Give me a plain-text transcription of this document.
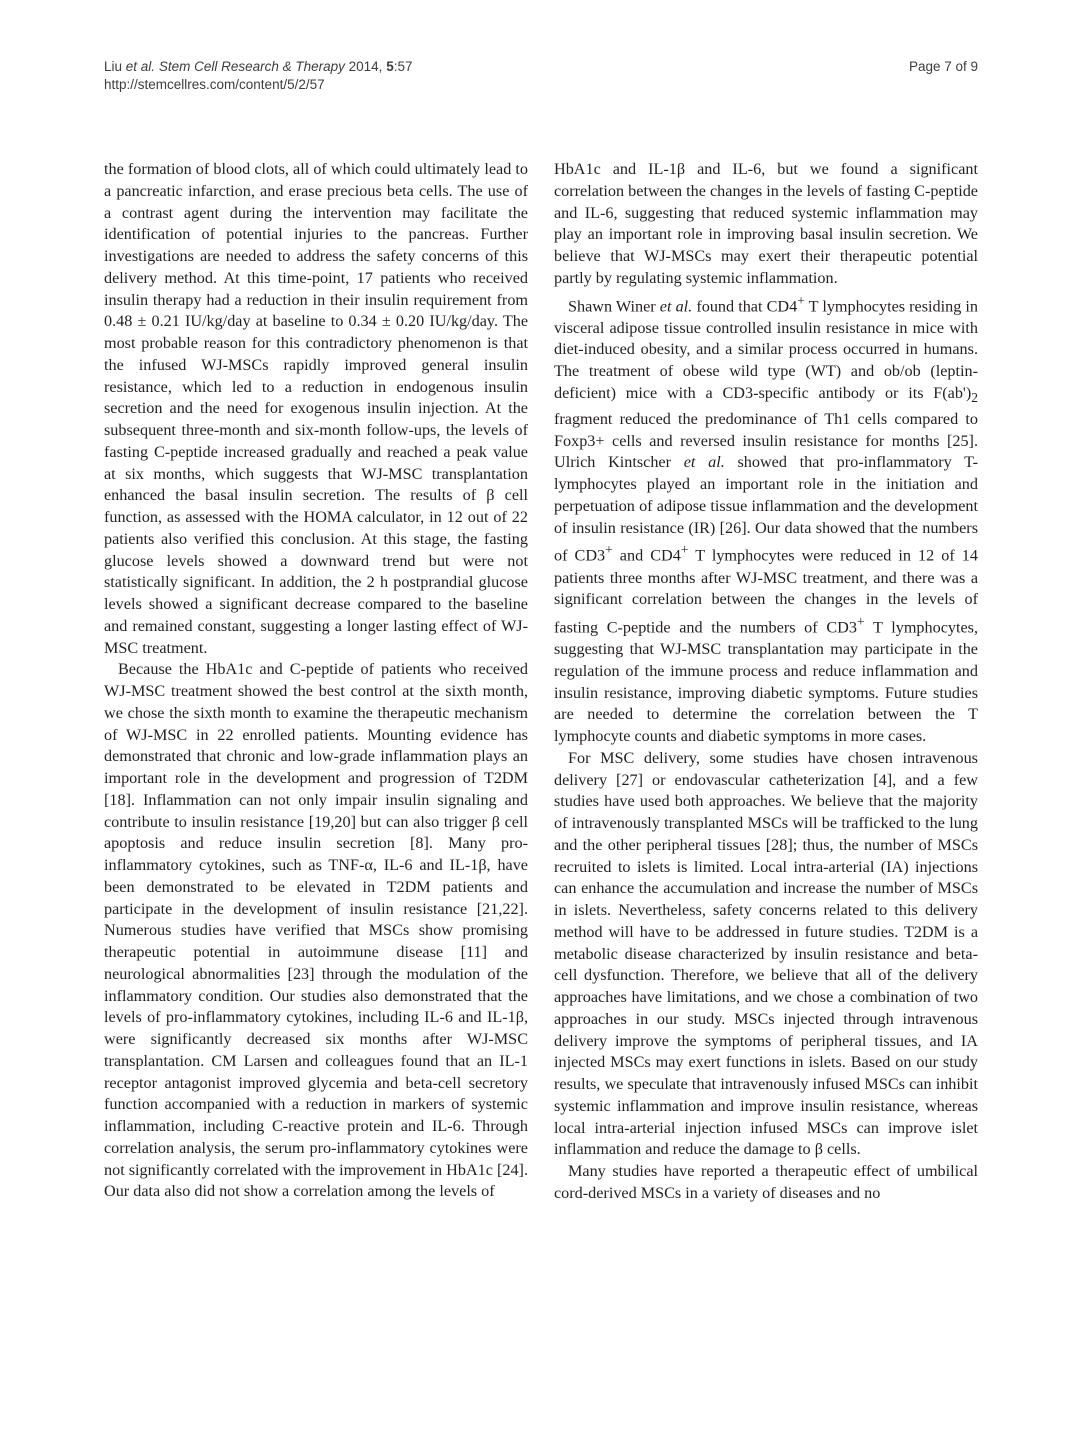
Liu et al. Stem Cell Research & Therapy 2014, 5:57
http://stemcellres.com/content/5/2/57
Page 7 of 9

the formation of blood clots, all of which could ultimately lead to a pancreatic infarction, and erase precious beta cells. The use of a contrast agent during the intervention may facilitate the identification of potential injuries to the pancreas. Further investigations are needed to address the safety concerns of this delivery method. At this time-point, 17 patients who received insulin therapy had a reduction in their insulin requirement from 0.48 ± 0.21 IU/kg/day at baseline to 0.34 ± 0.20 IU/kg/day. The most probable reason for this contradictory phenomenon is that the infused WJ-MSCs rapidly improved general insulin resistance, which led to a reduction in endogenous insulin secretion and the need for exogenous insulin injection. At the subsequent three-month and six-month follow-ups, the levels of fasting C-peptide increased gradually and reached a peak value at six months, which suggests that WJ-MSC transplantation enhanced the basal insulin secretion. The results of β cell function, as assessed with the HOMA calculator, in 12 out of 22 patients also verified this conclusion. At this stage, the fasting glucose levels showed a downward trend but were not statistically significant. In addition, the 2 h postprandial glucose levels showed a significant decrease compared to the baseline and remained constant, suggesting a longer lasting effect of WJ-MSC treatment.

Because the HbA1c and C-peptide of patients who received WJ-MSC treatment showed the best control at the sixth month, we chose the sixth month to examine the therapeutic mechanism of WJ-MSC in 22 enrolled patients. Mounting evidence has demonstrated that chronic and low-grade inflammation plays an important role in the development and progression of T2DM [18]. Inflammation can not only impair insulin signaling and contribute to insulin resistance [19,20] but can also trigger β cell apoptosis and reduce insulin secretion [8]. Many pro-inflammatory cytokines, such as TNF-α, IL-6 and IL-1β, have been demonstrated to be elevated in T2DM patients and participate in the development of insulin resistance [21,22]. Numerous studies have verified that MSCs show promising therapeutic potential in autoimmune disease [11] and neurological abnormalities [23] through the modulation of the inflammatory condition. Our studies also demonstrated that the levels of pro-inflammatory cytokines, including IL-6 and IL-1β, were significantly decreased six months after WJ-MSC transplantation. CM Larsen and colleagues found that an IL-1 receptor antagonist improved glycemia and beta-cell secretory function accompanied with a reduction in markers of systemic inflammation, including C-reactive protein and IL-6. Through correlation analysis, the serum pro-inflammatory cytokines were not significantly correlated with the improvement in HbA1c [24]. Our data also did not show a correlation among the levels of

HbA1c and IL-1β and IL-6, but we found a significant correlation between the changes in the levels of fasting C-peptide and IL-6, suggesting that reduced systemic inflammation may play an important role in improving basal insulin secretion. We believe that WJ-MSCs may exert their therapeutic potential partly by regulating systemic inflammation.

Shawn Winer et al. found that CD4+ T lymphocytes residing in visceral adipose tissue controlled insulin resistance in mice with diet-induced obesity, and a similar process occurred in humans. The treatment of obese wild type (WT) and ob/ob (leptin-deficient) mice with a CD3-specific antibody or its $F(ab')_2$ fragment reduced the predominance of Th1 cells compared to Foxp3+ cells and reversed insulin resistance for months [25]. Ulrich Kintscher et al. showed that pro-inflammatory T-lymphocytes played an important role in the initiation and perpetuation of adipose tissue inflammation and the development of insulin resistance (IR) [26]. Our data showed that the numbers of CD3+ and CD4+ T lymphocytes were reduced in 12 of 14 patients three months after WJ-MSC treatment, and there was a significant correlation between the changes in the levels of fasting C-peptide and the numbers of CD3+ T lymphocytes, suggesting that WJ-MSC transplantation may participate in the regulation of the immune process and reduce inflammation and insulin resistance, improving diabetic symptoms. Future studies are needed to determine the correlation between the T lymphocyte counts and diabetic symptoms in more cases.

For MSC delivery, some studies have chosen intravenous delivery [27] or endovascular catheterization [4], and a few studies have used both approaches. We believe that the majority of intravenously transplanted MSCs will be trafficked to the lung and the other peripheral tissues [28]; thus, the number of MSCs recruited to islets is limited. Local intra-arterial (IA) injections can enhance the accumulation and increase the number of MSCs in islets. Nevertheless, safety concerns related to this delivery method will have to be addressed in future studies. T2DM is a metabolic disease characterized by insulin resistance and beta-cell dysfunction. Therefore, we believe that all of the delivery approaches have limitations, and we chose a combination of two approaches in our study. MSCs injected through intravenous delivery improve the symptoms of peripheral tissues, and IA injected MSCs may exert functions in islets. Based on our study results, we speculate that intravenously infused MSCs can inhibit systemic inflammation and improve insulin resistance, whereas local intra-arterial injection infused MSCs can improve islet inflammation and reduce the damage to β cells.

Many studies have reported a therapeutic effect of umbilical cord-derived MSCs in a variety of diseases and no
